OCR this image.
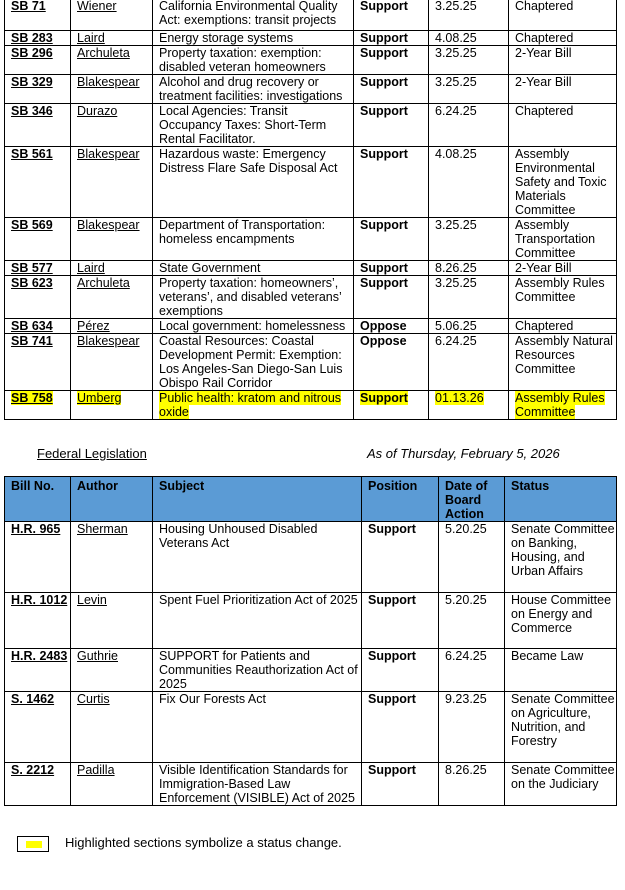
SB 71	Wiener	California Environmental Quality Act: exemptions: transit projects	Support	3.25.25	Chaptered
SB 283	Laird	Energy storage systems	Support	4.08.25	Chaptered
SB 296	Archuleta	Property taxation: exemption: disabled veteran homeowners	Support	3.25.25	2-Year Bill
SB 329	Blakespear	Alcohol and drug recovery or treatment facilities: investigations	Support	3.25.25	2-Year Bill
SB 346	Durazo	Local Agencies: Transit Occupancy Taxes: Short-Term Rental Facilitator.	Support	6.24.25	Chaptered
SB 561	Blakespear	Hazardous waste: Emergency Distress Flare Safe Disposal Act	Support	4.08.25	Assembly Environmental Safety and Toxic Materials Committee
SB 569	Blakespear	Department of Transportation: homeless encampments	Support	3.25.25	Assembly Transportation Committee
SB 577	Laird	State Government	Support	8.26.25	2-Year Bill
SB 623	Archuleta	Property taxation: homeowners’, veterans’, and disabled veterans’ exemptions	Support	3.25.25	Assembly Rules Committee
SB 634	Pérez	Local government: homelessness	Oppose	5.06.25	Chaptered
SB 741	Blakespear	Coastal Resources: Coastal Development Permit: Exemption: Los Angeles-San Diego-San Luis Obispo Rail Corridor	Oppose	6.24.25	Assembly Natural Resources Committee
SB 758	Umberg	Public health: kratom and nitrous oxide	Support	01.13.26	Assembly Rules Committee
Federal Legislation	As of Thursday, February 5, 2026
Bill No.	Author	Subject	Position	Date of Board Action	Status
H.R. 965	Sherman	Housing Unhoused Disabled Veterans Act	Support	5.20.25	Senate Committee on Banking, Housing, and Urban Affairs
H.R. 1012	Levin	Spent Fuel Prioritization Act of 2025	Support	5.20.25	House Committee on Energy and Commerce
H.R. 2483	Guthrie	SUPPORT for Patients and Communities Reauthorization Act of 2025	Support	6.24.25	Became Law
S. 1462	Curtis	Fix Our Forests Act	Support	9.23.25	Senate Committee on Agriculture, Nutrition, and Forestry
S. 2212	Padilla	Visible Identification Standards for Immigration-Based Law Enforcement (VISIBLE) Act of 2025	Support	8.26.25	Senate Committee on the Judiciary
Highlighted sections symbolize a status change.
